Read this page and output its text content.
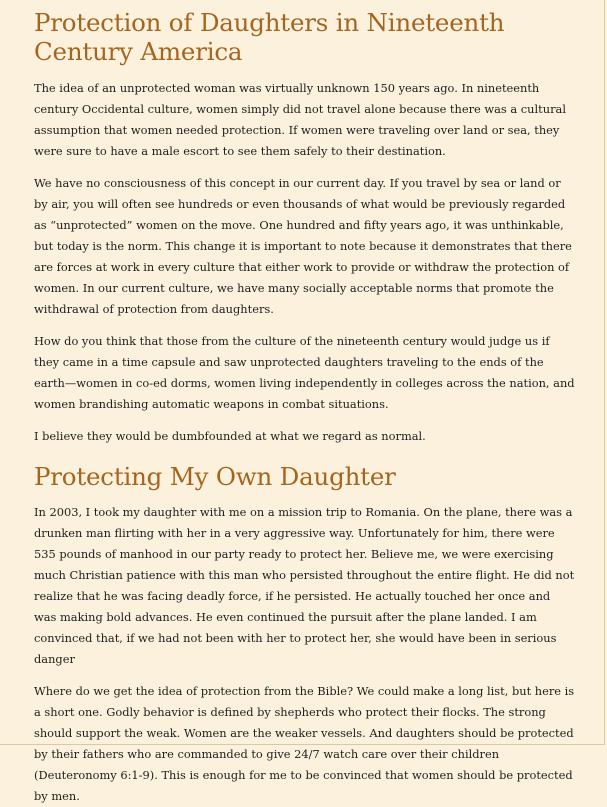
Protection of Daughters in Nineteenth Century America

The idea of an unprotected woman was virtually unknown 150 years ago. In nineteenth century Occidental culture, women simply did not travel alone because there was a cultural assumption that women needed protection. If women were traveling over land or sea, they were sure to have a male escort to see them safely to their destination.

We have no consciousness of this concept in our current day. If you travel by sea or land or by air, you will often see hundreds or even thousands of what would be previously regarded as “unprotected” women on the move. One hundred and fifty years ago, it was unthinkable, but today is the norm. This change it is important to note because it demonstrates that there are forces at work in every culture that either work to provide or withdraw the protection of women. In our current culture, we have many socially acceptable norms that promote the withdrawal of protection from daughters.

How do you think that those from the culture of the nineteenth century would judge us if they came in a time capsule and saw unprotected daughters traveling to the ends of the earth—women in co-ed dorms, women living independently in colleges across the nation, and women brandishing automatic weapons in combat situations.

I believe they would be dumbfounded at what we regard as normal.

Protecting My Own Daughter

In 2003, I took my daughter with me on a mission trip to Romania. On the plane, there was a drunken man flirting with her in a very aggressive way. Unfortunately for him, there were 535 pounds of manhood in our party ready to protect her. Believe me, we were exercising much Christian patience with this man who persisted throughout the entire flight. He did not realize that he was facing deadly force, if he persisted. He actually touched her once and was making bold advances. He even continued the pursuit after the plane landed. I am convinced that, if we had not been with her to protect her, she would have been in serious danger

Where do we get the idea of protection from the Bible? We could make a long list, but here is a short one. Godly behavior is defined by shepherds who protect their flocks. The strong should support the weak. Women are the weaker vessels. And daughters should be protected by their fathers who are commanded to give 24/7 watch care over their children (Deuteronomy 6:1-9). This is enough for me to be convinced that women should be protected by men.
